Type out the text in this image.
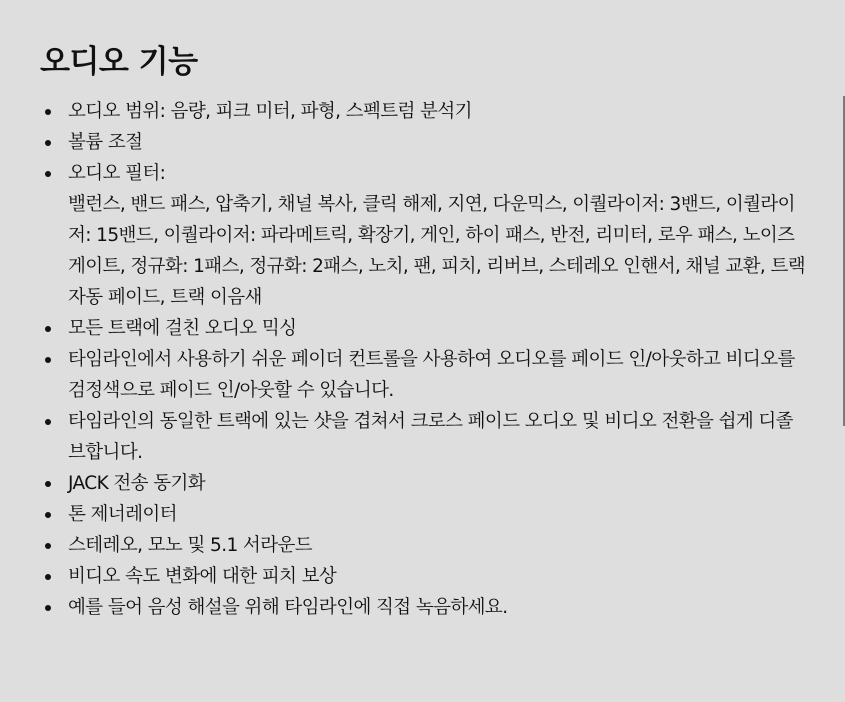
오디오 기능
오디오 범위: 음량, 피크 미터, 파형, 스펙트럼 분석기
볼륨 조절
오디오 필터:
밸런스, 밴드 패스, 압축기, 채널 복사, 클릭 해제, 지연, 다운믹스, 이퀄라이저: 3밴드, 이퀄라이저: 15밴드, 이퀄라이저: 파라메트릭, 확장기, 게인, 하이 패스, 반전, 리미터, 로우 패스, 노이즈 게이트, 정규화: 1패스, 정규화: 2패스, 노치, 팬, 피치, 리버브, 스테레오 인핸서, 채널 교환, 트랙 자동 페이드, 트랙 이음새
모든 트랙에 걸친 오디오 믹싱
타임라인에서 사용하기 쉬운 페이더 컨트롤을 사용하여 오디오를 페이드 인/아웃하고 비디오를 검정색으로 페이드 인/아웃할 수 있습니다.
타임라인의 동일한 트랙에 있는 샷을 겹쳐서 크로스 페이드 오디오 및 비디오 전환을 쉽게 디졸브합니다.
JACK 전송 동기화
톤 제너레이터
스테레오, 모노 및 5.1 서라운드
비디오 속도 변화에 대한 피치 보상
예를 들어 음성 해설을 위해 타임라인에 직접 녹음하세요.
